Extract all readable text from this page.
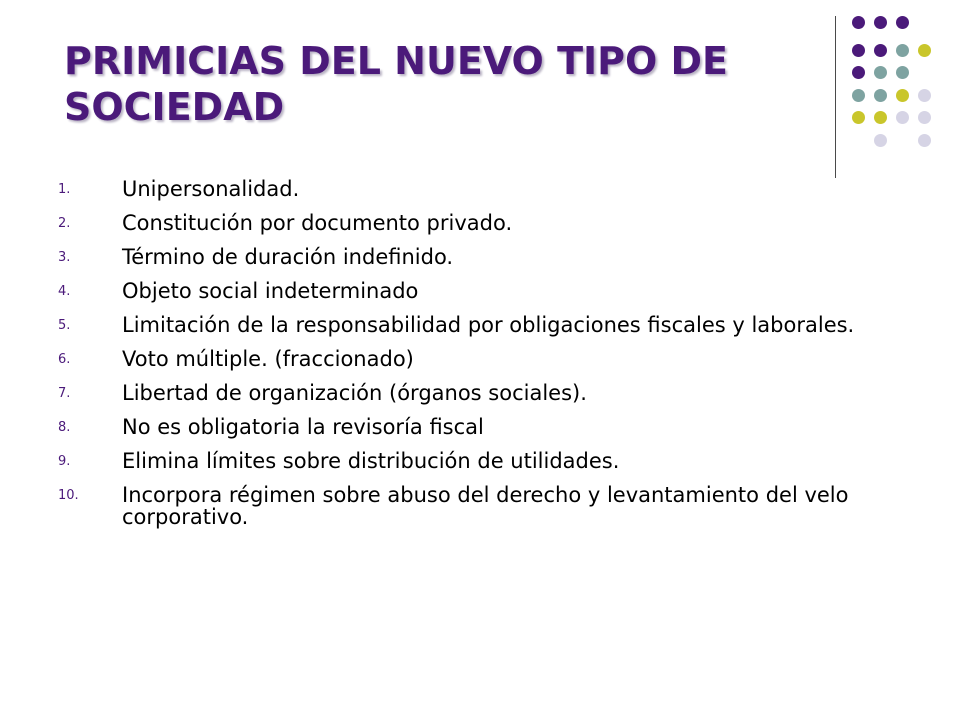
PRIMICIAS DEL NUEVO TIPO DE
SOCIEDAD
1. Unipersonalidad.
2. Constitución por documento privado.
3. Término de duración indefinido.
4. Objeto social indeterminado
5. Limitación de la responsabilidad por obligaciones fiscales y laborales.
6. Voto múltiple. (fraccionado)
7. Libertad de organización (órganos sociales).
8. No es obligatoria la revisoría fiscal
9. Elimina límites sobre distribución de utilidades.
10. Incorpora régimen sobre abuso del derecho y levantamiento del velo corporativo.
